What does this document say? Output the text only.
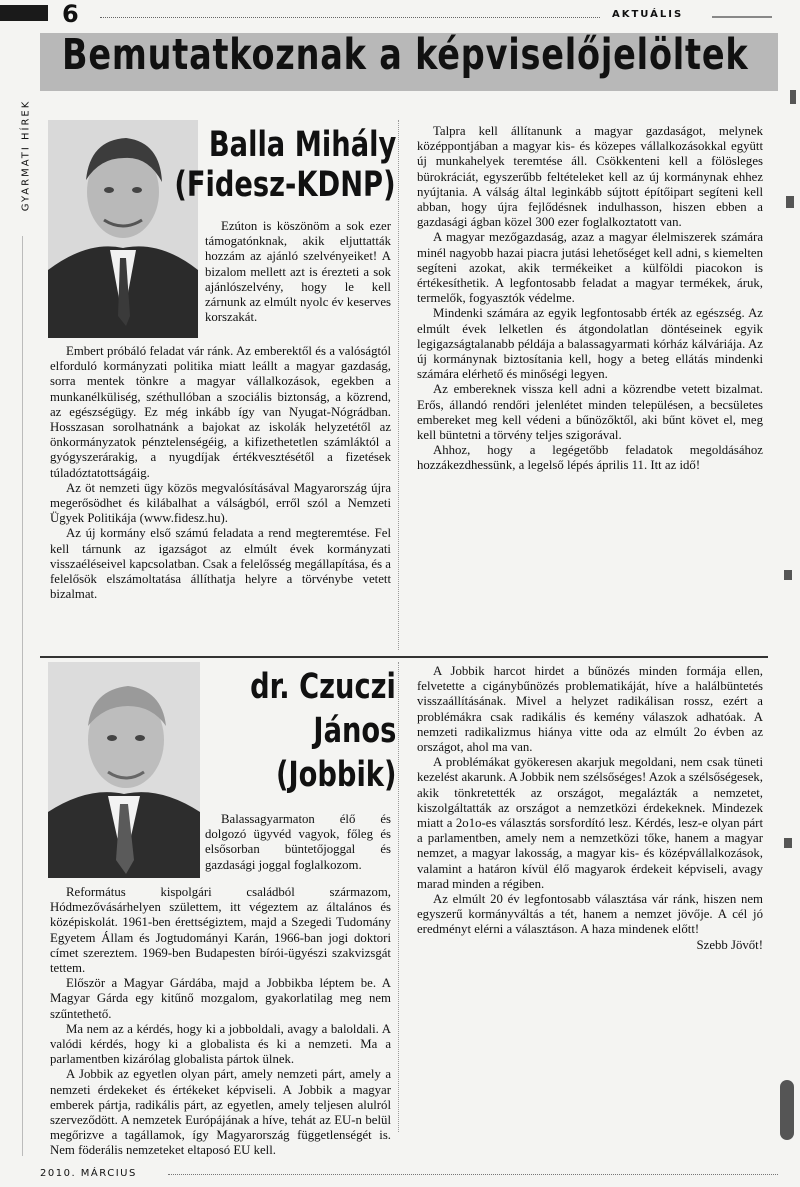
6	AKTUÁLIS
Bemutatkoznak a képviselőjelöltek
GYARMATI HÍREK	Balla Mihály
(Fidesz-KDNP)

Ezúton is köszönöm a sok ezer támogatónknak, akik eljuttatták hozzám az ajánló szelvényeiket! A bizalom mellett azt is érezteti a sok ajánlószelvény, hogy le kell zárnunk az elmúlt nyolc év keserves korszakát.

Embert próbáló feladat vár ránk. Az emberektől és a valóságtól elforduló kormányzati politika miatt leállt a magyar gazdaság, sorra mentek tönkre a magyar vállalkozások, egekben a munkanélküliség, széthullóban a szociális biztonság, a közrend, az egészségügy. Ez még inkább így van Nyugat-Nógrádban. Hosszasan sorolhatnánk a bajokat az iskolák helyzetétől az önkormányzatok pénztelenségéig, a kifizethetetlen számláktól a gyógyszerárakig, a nyugdíjak értékvesztésétől a fizetések túladóztatottságáig.

Az öt nemzeti ügy közös megvalósításával Magyarország újra megerősödhet és kilábalhat a válságból, erről szól a Nemzeti Ügyek Politikája (www.fidesz.hu).

Az új kormány első számú feladata a rend megteremtése. Fel kell tárnunk az igazságot az elmúlt évek kormányzati visszaéléseivel kapcsolatban. Csak a felelősség megállapítása, és a felelősök elszámoltatása állíthatja helyre a törvénybe vetett bizalmat.

Talpra kell állítanunk a magyar gazdaságot, melynek középpontjában a magyar kis- és közepes vállalkozásokkal együtt új munkahelyek teremtése áll. Csökkenteni kell a fölösleges bürokráciát, egyszerűbb feltételeket kell az új kormánynak ehhez nyújtania. A válság által leginkább sújtott építőipart segíteni kell abban, hogy újra fejlődésnek indulhasson, hiszen ebben a gazdasági ágban közel 300 ezer foglalkoztatott van.

A magyar mezőgazdaság, azaz a magyar élelmiszerek számára minél nagyobb hazai piacra jutási lehetőséget kell adni, s kiemelten segíteni azokat, akik termékeiket a külföldi piacokon is értékesíthetik. A legfontosabb feladat a magyar termékek, áruk, termelők, fogyasztók védelme.

Mindenki számára az egyik legfontosabb érték az egészség. Az elmúlt évek lelketlen és átgondolatlan döntéseinek egyik legigazságtalanabb példája a balassagyarmati kórház kálváriája. Az új kormánynak biztosítania kell, hogy a beteg ellátás mindenki számára elérhető és minőségi legyen.

Az embereknek vissza kell adni a közrendbe vetett bizalmat. Erős, állandó rendőri jelenlétet minden településen, a becsületes embereket meg kell védeni a bűnözőktől, aki bűnt követ el, meg kell büntetni a törvény teljes szigorával.

Ahhoz, hogy a legégetőbb feladatok megoldásához hozzákezdhessünk, a legelső lépés április 11. Itt az idő!

dr. Czuczi
János
(Jobbik)

Balassagyarmaton élő és dolgozó ügyvéd vagyok, főleg és elsősorban büntetőjoggal és gazdasági joggal foglalkozom.

Református kispolgári családból származom, Hódmezővásárhelyen születtem, itt végeztem az általános és középiskolát. 1961-ben érettségiztem, majd a Szegedi Tudomány Egyetem Állam és Jogtudományi Karán, 1966-ban jogi doktori címet szereztem. 1969-ben Budapesten bírói-ügyészi szakvizsgát tettem.

Először a Magyar Gárdába, majd a Jobbikba léptem be. A Magyar Gárda egy kitűnő mozgalom, gyakorlatilag meg nem szűntethető.

Ma nem az a kérdés, hogy ki a jobboldali, avagy a baloldali. A valódi kérdés, hogy ki a globalista és ki a nemzeti. Ma a parlamentben kizárólag globalista pártok ülnek.

A Jobbik az egyetlen olyan párt, amely nemzeti párt, amely a nemzeti érdekeket és értékeket képviseli. A Jobbik a magyar emberek pártja, radikális párt, az egyetlen, amely teljesen alulról szerveződött. A nemzetek Európájának a híve, tehát az EU-n belül megőrizve a tagállamok, így Magyarország függetlenségét is. Nem föderális nemzeteket eltaposó EU kell.

A Jobbik harcot hirdet a bűnözés minden formája ellen, felvetette a cigánybűnözés problematikáját, híve a halálbüntetés visszaállításának. Mivel a helyzet radikálisan rossz, ezért a problémákra csak radikális és kemény válaszok adhatóak. A nemzeti radikalizmus hiánya vitte oda az elmúlt 2o évben az országot, ahol ma van.

A problémákat gyökeresen akarjuk megoldani, nem csak tüneti kezelést akarunk. A Jobbik nem szélsőséges! Azok a szélsőségesek, akik tönkretették az országot, megalázták a nemzetet, kiszolgáltatták az országot a nemzetközi érdekeknek. Mindezek miatt a 2o1o-es választás sorsfordító lesz. Kérdés, lesz-e olyan párt a parlamentben, amely nem a nemzetközi tőke, hanem a magyar nemzet, a magyar lakosság, a magyar kis- és középvállalkozások, valamint a határon kívül élő magyarok érdekeit képviseli, avagy marad minden a régiben.

Az elmúlt 20 év legfontosabb választása vár ránk, hiszen nem egyszerű kormányváltás a tét, hanem a nemzet jövője. A cél jó eredményt elérni a választáson. A haza mindenek előtt!

Szebb Jövőt!

2010. MÁRCIUS
